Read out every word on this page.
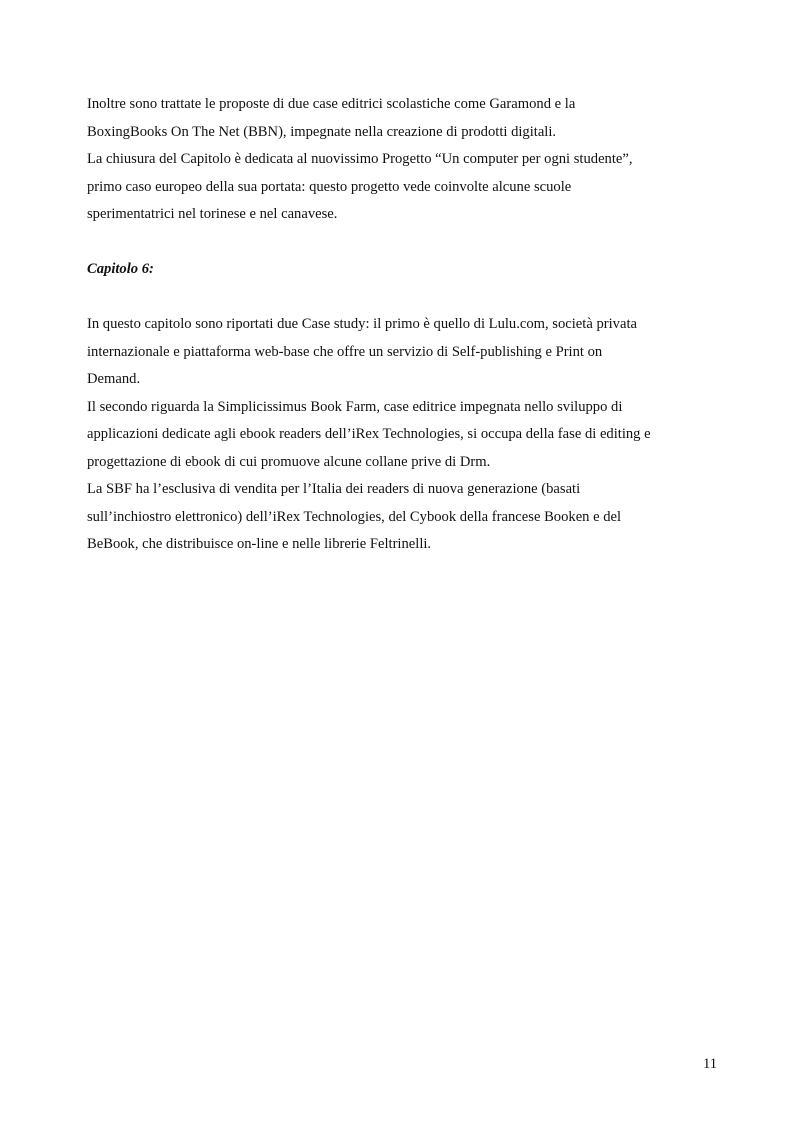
Inoltre sono trattate le proposte di due case editrici scolastiche come Garamond e la
BoxingBooks On The Net (BBN), impegnate nella creazione di prodotti digitali.
La chiusura del Capitolo è dedicata al nuovissimo Progetto “Un computer per ogni studente”,
primo caso europeo della sua portata: questo progetto vede coinvolte alcune scuole
sperimentatrici nel torinese e nel canavese.
Capitolo 6:
In questo capitolo sono riportati due Case study: il primo è quello di Lulu.com, società privata
internazionale e piattaforma web-base che offre un servizio di Self-publishing e Print on
Demand.
Il secondo riguarda la Simplicissimus Book Farm, case editrice impegnata nello sviluppo di
applicazioni dedicate agli ebook readers dell’iRex Technologies, si occupa della fase di editing e
progettazione di ebook di cui promuove alcune collane prive di Drm.
La SBF ha l’esclusiva di vendita per l’Italia dei readers di nuova generazione (basati
sull’inchiostro elettronico) dell’iRex Technologies, del Cybook della francese Booken e del
BeBook, che distribuisce on-line e nelle librerie Feltrinelli.
11
